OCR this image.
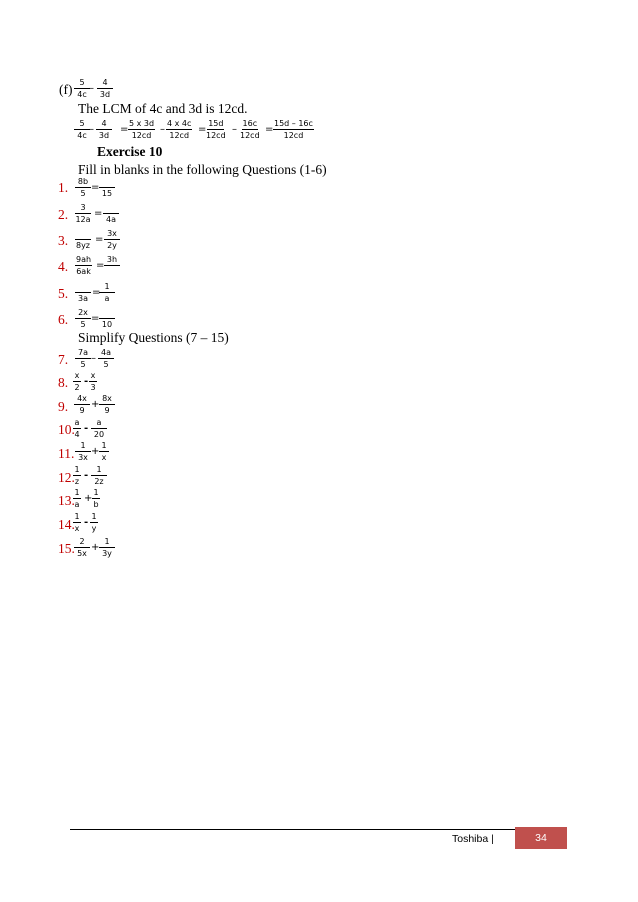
$(f) \frac{5}{4c} - \frac{4}{3d}$
The LCM of 4c and 3d is 12cd.
$\frac{5}{4c} - \frac{4}{3d} = \frac{5 x 3d}{12cd} - \frac{4 x 4c}{12cd} = \frac{15d}{12cd} - \frac{16c}{12cd} = \frac{15d - 16c}{12cd}$
Exercise 10
Fill in blanks in the following Questions (1-6)
1. $\frac{8b}{5}$ =
15
2. $\frac{3}{12a}$ =
4a
3. 8yz
= $\frac{3x}{2y}$
4. $\frac{9ah}{6ak}$ =
3h
5. 3a
=
$\frac{1}{a}$
6. $\frac{2x}{5}$ =
10
Simplify Questions (7 – 15)
7. $\frac{7a}{5} - \frac{4a}{5}$
8. $\frac{x}{2} - \frac{x}{3}$
9. $\frac{4x}{9} + \frac{8x}{9}$
10.
$\frac{a}{4} - \frac{a}{20}$
11. $\frac{1}{3x} + \frac{1}{x}$
12.
$\frac{1}{z} - \frac{1}{2z}$
13.
$\frac{1}{a} + \frac{1}{b}$
14.
$\frac{1}{x} - \frac{1}{y}$
15. $\frac{2}{5x} + \frac{1}{3y}$
Toshiba |	34
